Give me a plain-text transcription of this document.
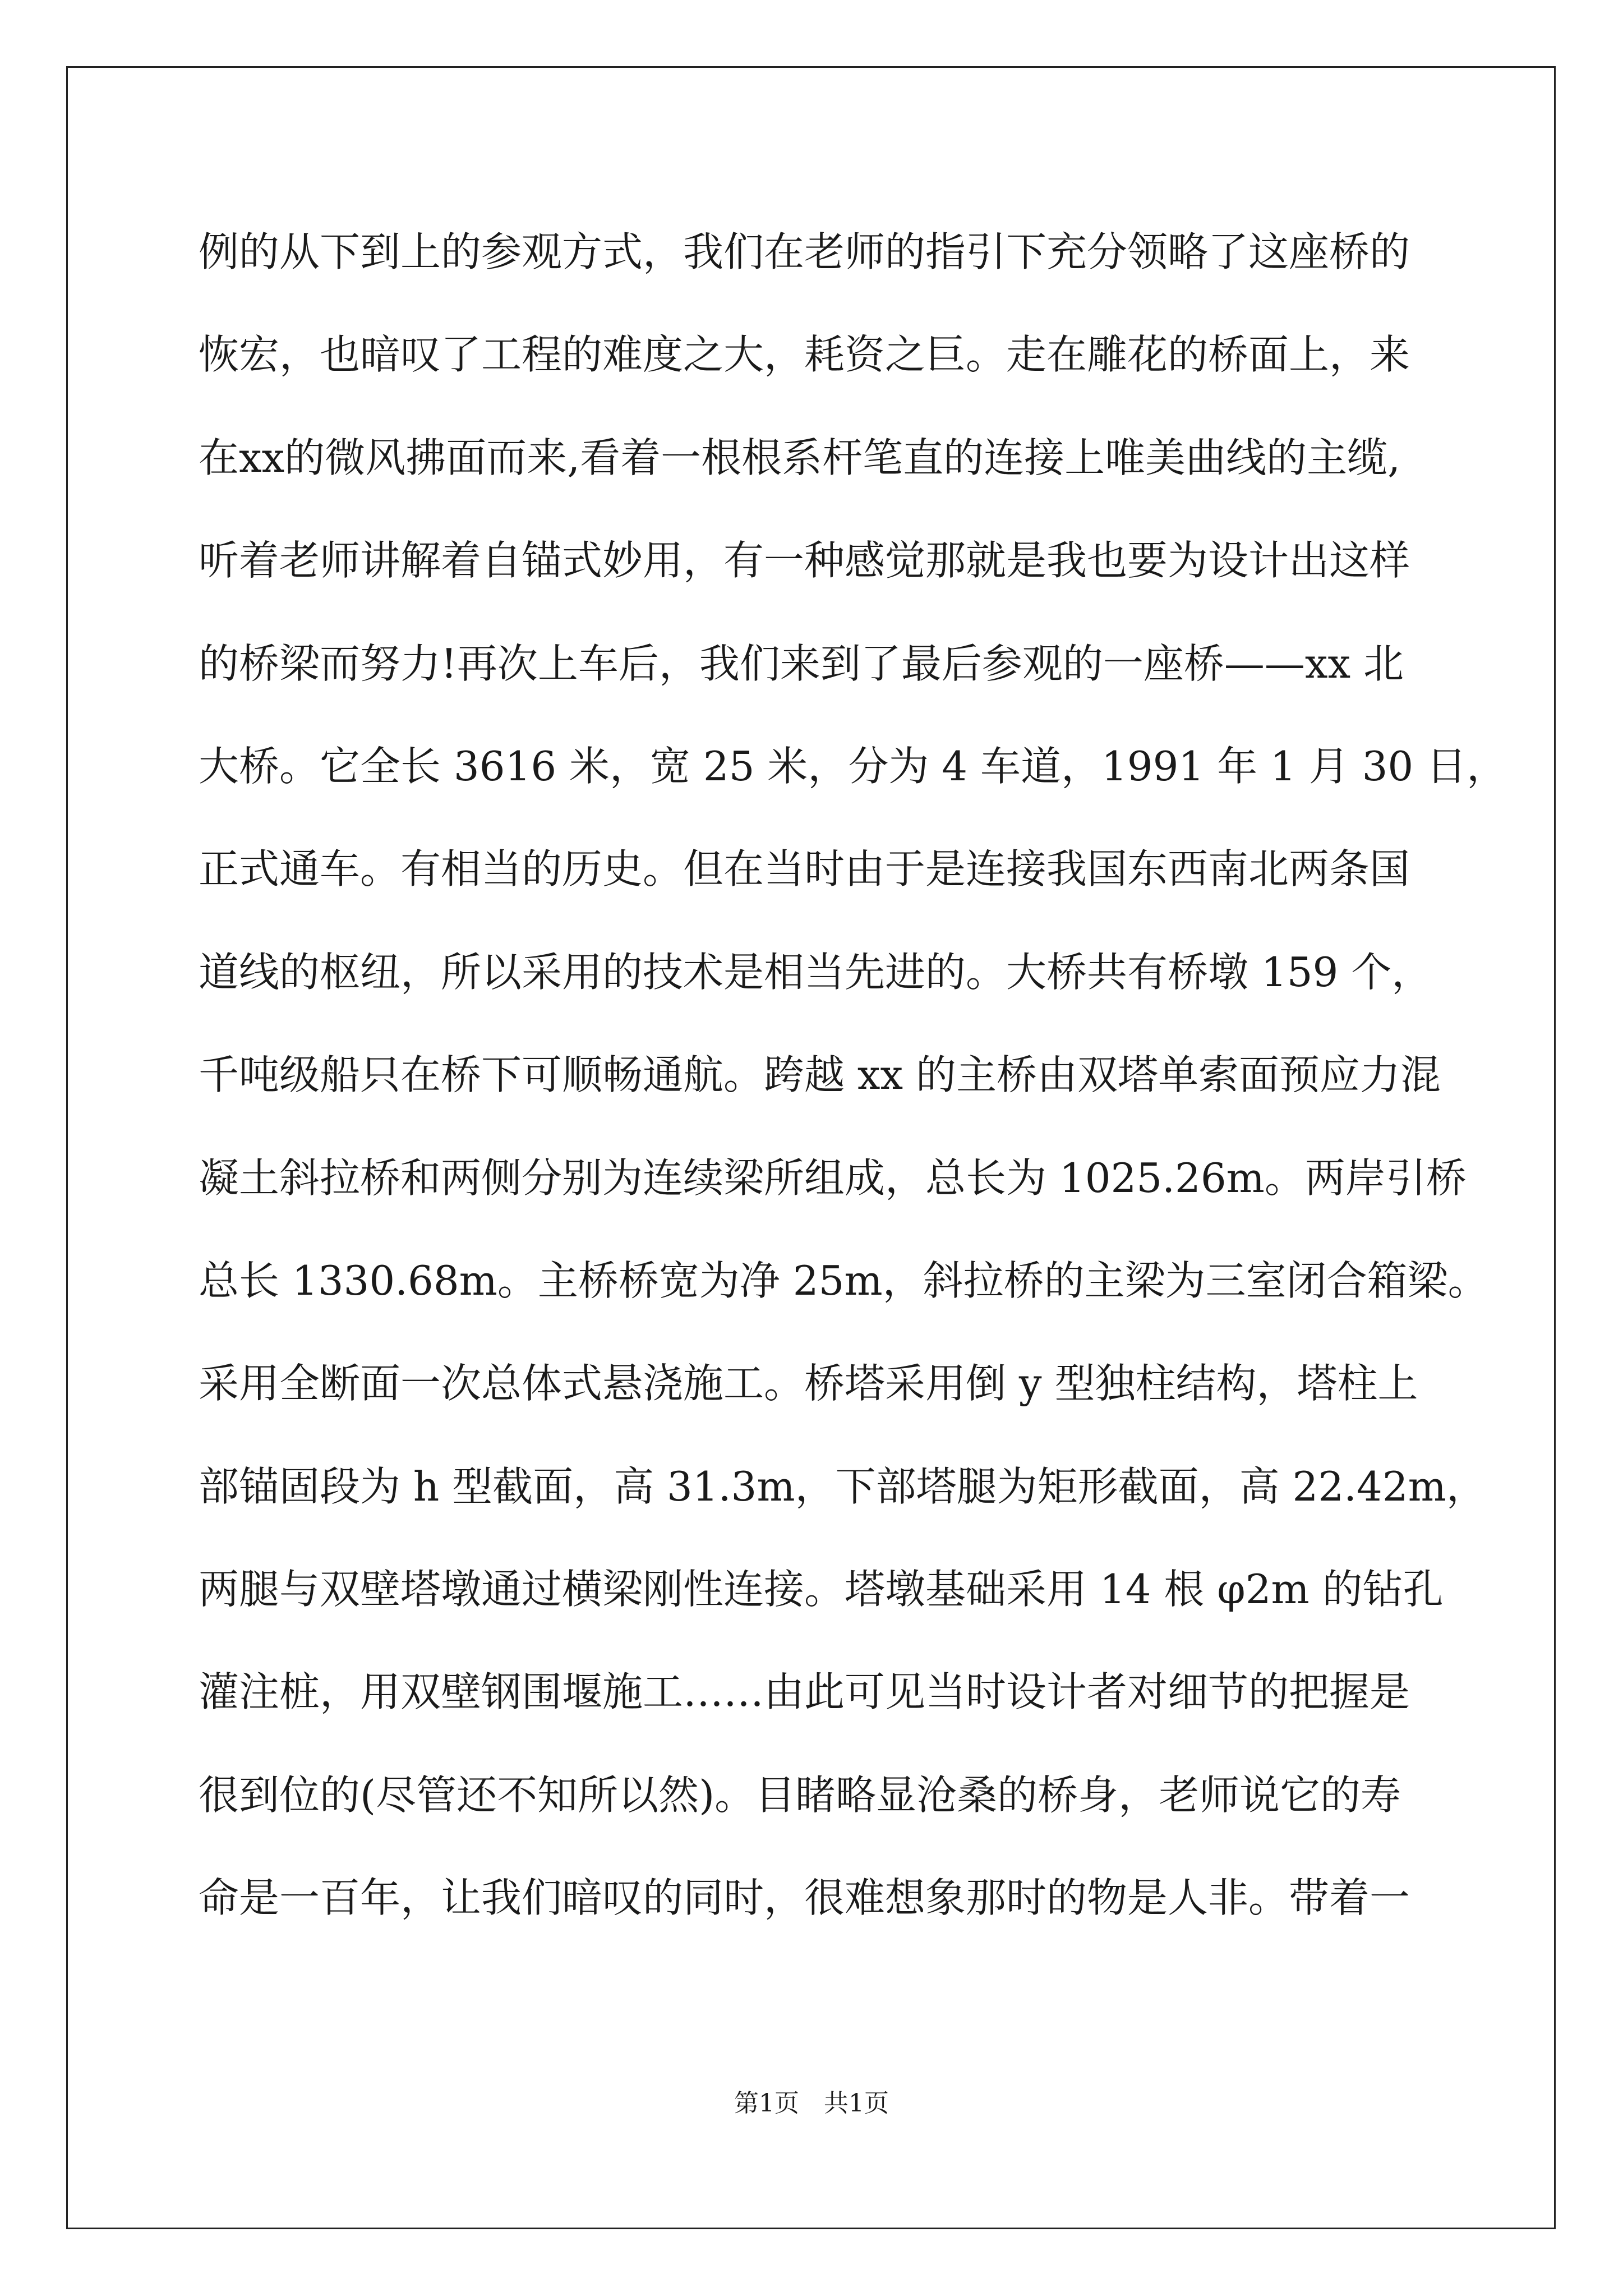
例的从下到上的参观方式，我们在老师的指引下充分领略了这座桥的
恢宏，也暗叹了工程的难度之大，耗资之巨。走在雕花的桥面上，来
在xx的微风拂面而来,看着一根根系杆笔直的连接上唯美曲线的主缆,
听着老师讲解着自锚式妙用，有一种感觉那就是我也要为设计出这样
的桥梁而努力!再次上车后，我们来到了最后参观的一座桥——xx 北
大桥。它全长 3616 米，宽 25 米，分为 4 车道，1991 年 1 月 30 日，
正式通车。有相当的历史。但在当时由于是连接我国东西南北两条国
道线的枢纽，所以采用的技术是相当先进的。大桥共有桥墩 159 个，
千吨级船只在桥下可顺畅通航。跨越 xx 的主桥由双塔单索面预应力混
凝土斜拉桥和两侧分别为连续梁所组成，总长为 1025.26m。两岸引桥
总长 1330.68m。主桥桥宽为净 25m，斜拉桥的主梁为三室闭合箱梁。
采用全断面一次总体式悬浇施工。桥塔采用倒 y 型独柱结构，塔柱上
部锚固段为 h 型截面，高 31.3m，下部塔腿为矩形截面，高 22.42m，
两腿与双壁塔墩通过横梁刚性连接。塔墩基础采用 14 根 φ2m 的钻孔
灌注桩，用双壁钢围堰施工……由此可见当时设计者对细节的把握是
很到位的(尽管还不知所以然)。目睹略显沧桑的桥身，老师说它的寿
命是一百年，让我们暗叹的同时，很难想象那时的物是人非。带着一
第1页 共1页
